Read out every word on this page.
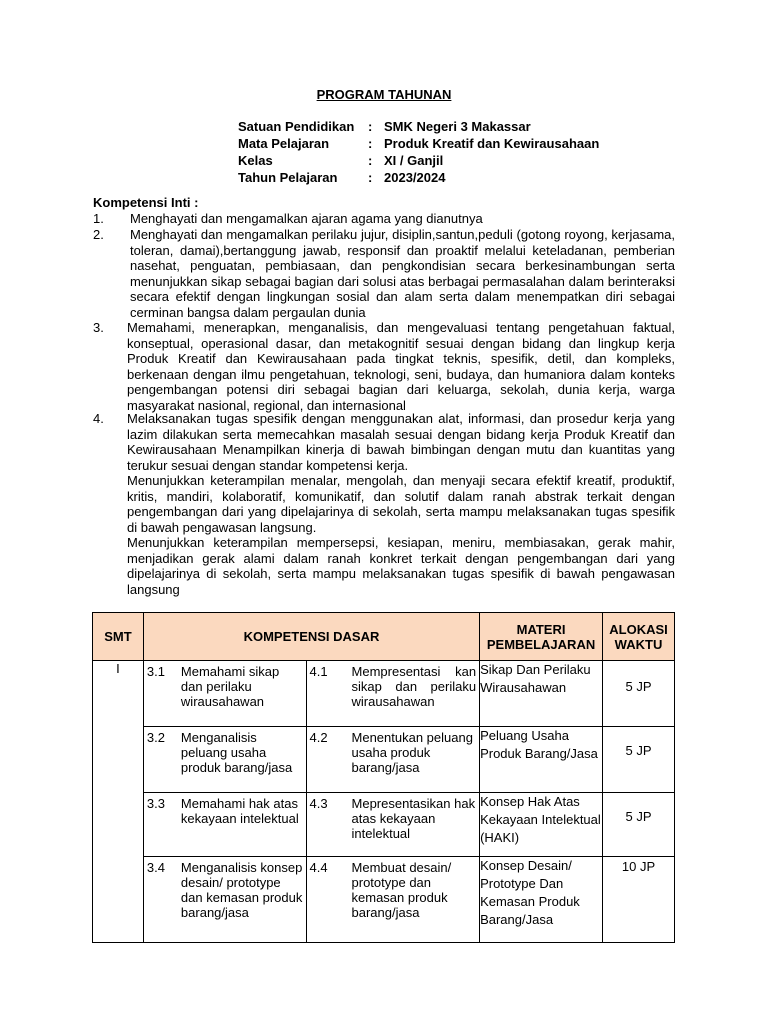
PROGRAM TAHUNAN
Satuan Pendidikan	: SMK Negeri 3 Makassar
Mata Pelajaran	: Produk Kreatif dan Kewirausahaan
Kelas	: XI / Ganjil
Tahun Pelajaran	: 2023/2024
Kompetensi Inti :
1. Menghayati dan mengamalkan ajaran agama yang dianutnya
2. Menghayati dan mengamalkan perilaku jujur, disiplin,santun,peduli (gotong royong, kerjasama, toleran, damai),bertanggung jawab, responsif dan proaktif melalui keteladanan, pemberian nasehat, penguatan, pembiasaan, dan pengkondisian secara berkesinambungan serta menunjukkan sikap sebagai bagian dari solusi atas berbagai permasalahan dalam berinteraksi secara efektif dengan lingkungan sosial dan alam serta dalam menempatkan diri sebagai cerminan bangsa dalam pergaulan dunia
3. Memahami, menerapkan, menganalisis, dan mengevaluasi tentang pengetahuan faktual, konseptual, operasional dasar, dan metakognitif sesuai dengan bidang dan lingkup kerja Produk Kreatif dan Kewirausahaan pada tingkat teknis, spesifik, detil, dan kompleks, berkenaan dengan ilmu pengetahuan, teknologi, seni, budaya, dan humaniora dalam konteks pengembangan potensi diri sebagai bagian dari keluarga, sekolah, dunia kerja, warga masyarakat nasional, regional, dan internasional
4. Melaksanakan tugas spesifik dengan menggunakan alat, informasi, dan prosedur kerja yang lazim dilakukan serta memecahkan masalah sesuai dengan bidang kerja Produk Kreatif dan Kewirausahaan Menampilkan kinerja di bawah bimbingan dengan mutu dan kuantitas yang terukur sesuai dengan standar kompetensi kerja.
Menunjukkan keterampilan menalar, mengolah, dan menyaji secara efektif kreatif, produktif, kritis, mandiri, kolaboratif, komunikatif, dan solutif dalam ranah abstrak terkait dengan pengembangan dari yang dipelajarinya di sekolah, serta mampu melaksanakan tugas spesifik di bawah pengawasan langsung.
Menunjukkan keterampilan mempersepsi, kesiapan, meniru, membiasakan, gerak mahir, menjadikan gerak alami dalam ranah konkret terkait dengan pengembangan dari yang dipelajarinya di sekolah, serta mampu melaksanakan tugas spesifik di bawah pengawasan langsung
SMT	KOMPETENSI DASAR		MATERI PEMBELAJARAN	ALOKASI WAKTU
I	3.1 Memahami sikap dan perilaku wirausahawan	4.1 Mempresentasi kan sikap dan perilaku wirausahawan	Sikap Dan Perilaku Wirausahawan	5 JP

	3.2 Menganalisis peluang usaha produk barang/jasa	4.2 Menentukan peluang usaha produk barang/jasa	Peluang Usaha Produk Barang/Jasa	5 JP

	3.3 Memahami hak atas kekayaan intelektual	4.3 Mepresentasikan hak atas kekayaan intelektual	Konsep Hak Atas Kekayaan Intelektual (HAKI)	5 JP

	3.4 Menganalisis konsep desain/ prototype dan kemasan produk barang/jasa	4.4 Membuat desain/ prototype dan kemasan produk barang/jasa	Konsep Desain/ Prototype Dan Kemasan Produk Barang/Jasa	10 JP
